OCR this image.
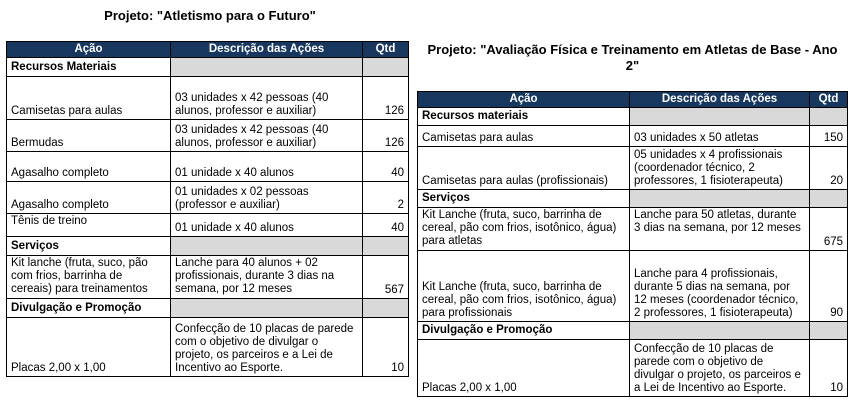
Projeto: "Atletismo para o Futuro"
Projeto: "Avaliação Física e Treinamento em Atletas de Base - Ano 2"
Ação	Descrição das Ações	Qtd
Recursos Materiais		
Camisetas para aulas	03 unidades x 42 pessoas (40 alunos, professor e auxiliar)	126
Bermudas	03 unidades x 42 pessoas (40 alunos, professor e auxiliar)	126
Agasalho completo	01 unidade x 40 alunos	40
Agasalho completo	01 unidades x 02 pessoas (professor e auxiliar)	2
Tênis de treino	01 unidade x 40 alunos	40
Serviços		
Kit lanche (fruta, suco, pão com frios, barrinha de cereais) para treinamentos	Lanche para 40 alunos + 02 profissionais, durante 3 dias na semana, por 12 meses	567
Divulgação e Promoção		
Placas 2,00 x 1,00	Confecção de 10 placas de parede com o objetivo de divulgar o projeto, os parceiros e a Lei de Incentivo ao Esporte.	10
Ação	Descrição das Ações	Qtd
Recursos materiais		
Camisetas para aulas	03 unidades x 50 atletas	150
Camisetas para aulas (profissionais)	05 unidades x 4 profissionais (coordenador técnico, 2 professores, 1 fisioterapeuta)	20
Serviços		
Kit Lanche (fruta, suco, barrinha de cereal, pão com frios, isotônico, água) para atletas	Lanche para 50 atletas, durante 3 dias na semana, por 12 meses	675
Kit Lanche (fruta, suco, barrinha de cereal, pão com frios, isotônico, água) para profissionais	Lanche para 4 profissionais, durante 5 dias na semana, por 12 meses (coordenador técnico, 2 professores, 1 fisioterapeuta)	90
Divulgação e Promoção		
Placas 2,00 x 1,00	Confecção de 10 placas de parede com o objetivo de divulgar o projeto, os parceiros e a Lei de Incentivo ao Esporte.	10
